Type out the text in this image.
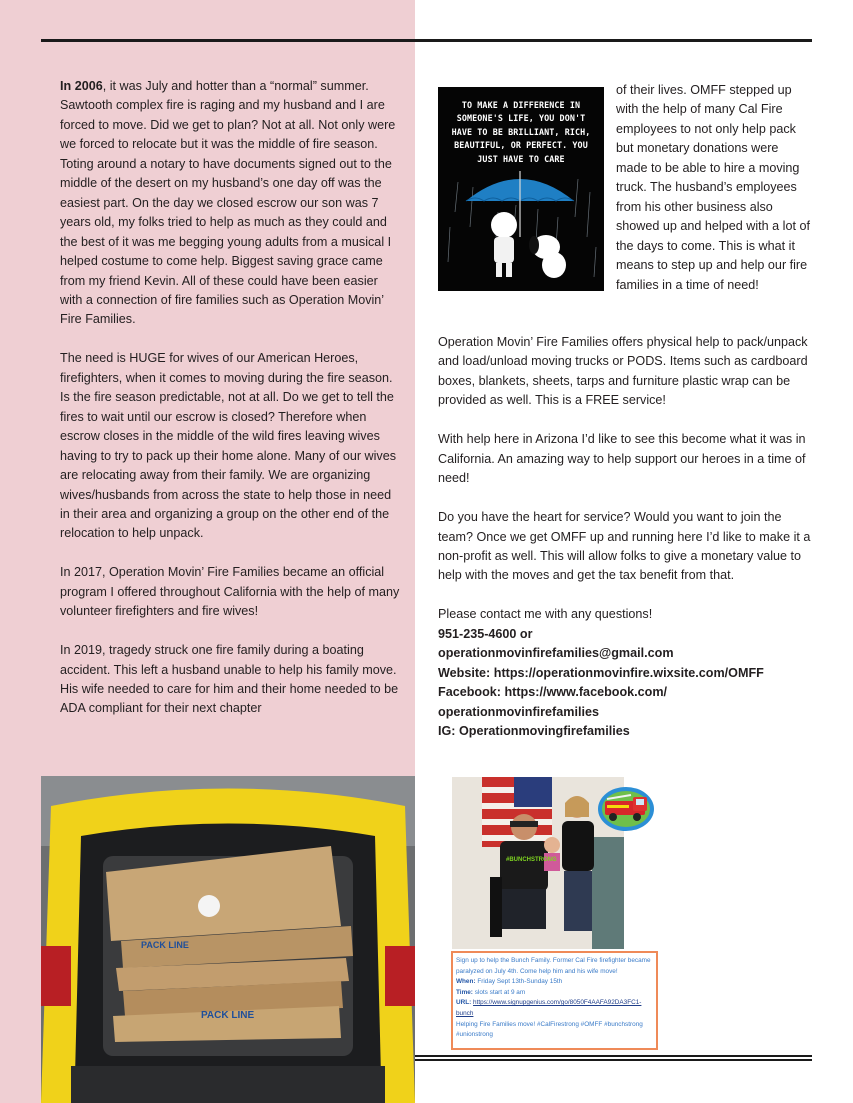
In 2006, it was July and hotter than a “normal” summer. Sawtooth complex fire is raging and my husband and I are forced to move. Did we get to plan? Not at all. Not only were we forced to relocate but it was the middle of fire season. Toting around a notary to have documents signed out to the middle of the desert on my husband’s one day off was the easiest part. On the day we closed escrow our son was 7 years old, my folks tried to help as much as they could and the best of it was me begging young adults from a musical I helped costume to come help. Biggest saving grace came from my friend Kevin. All of these could have been easier with a connection of fire families such as Operation Movin’ Fire Families.

The need is HUGE for wives of our American Heroes, firefighters, when it comes to moving during the fire season. Is the fire season predictable, not at all. Do we get to tell the fires to wait until our escrow is closed? Therefore when escrow closes in the middle of the wild fires leaving wives having to try to pack up their home alone. Many of our wives are relocating away from their family. We are organizing wives/husbands from across the state to help those in need in their area and organizing a group on the other end of the relocation to help unpack.

In 2017, Operation Movin’ Fire Families became an official program I offered throughout California with the help of many volunteer firefighters and fire wives!

In 2019, tragedy struck one fire family during a boating accident. This left a husband unable to help his family move. His wife needed to care for him and their home needed to be ADA compliant for their next chapter

TO MAKE A DIFFERENCE IN SOMEONE'S LIFE, YOU DON'T HAVE TO BE BRILLIANT, RICH, BEAUTIFUL, OR PERFECT. YOU JUST HAVE TO CARE
of their lives. OMFF stepped up with the help of many Cal Fire employees to not only help pack but monetary donations were made to be able to hire a moving truck. The husband’s employees from his other business also showed up and helped with a lot of the days to come. This is what it means to step up and help our fire families in a time of need!

Operation Movin’ Fire Families offers physical help to pack/unpack and load/unload moving trucks or PODS. Items such as cardboard boxes, blankets, sheets, tarps and furniture plastic wrap can be provided as well. This is a FREE service!

With help here in Arizona I’d like to see this become what it was in California. An amazing way to help support our heroes in a time of need!

Do you have the heart for service? Would you want to join the team? Once we get OMFF up and running here I’d like to make it a non-profit as well. This will allow folks to give a monetary value to help with the moves and get the tax benefit from that.

Please contact me with any questions!
951-235-4600 or
operationmovinfirefamilies@gmail.com
Website: https://operationmovinfire.wixsite.com/OMFF
Facebook: https://www.facebook.com/
operationmovinfirefamilies
IG: Operationmovingfirefamilies
PACK LINE
PACK LINE
#BUNCHSTRONG
Sign up to help the Bunch Family. Former Cal Fire firefighter became paralyzed on July 4th. Come help him and his wife move!
When: Friday Sept 13th-Sunday 15th
Time: slots start at 9 am
URL: https://www.signupgenius.com/go/8050F4AAFA92DA3FC1-bunch
Helping Fire Families move! #CalFirestrong #OMFF #bunchstrong #unionstrong
